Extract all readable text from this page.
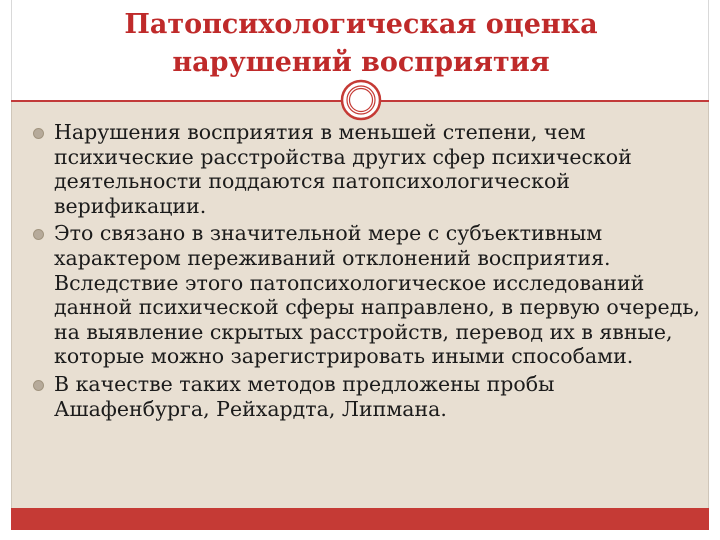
Патопсихологическая оценка
нарушений восприятия
Нарушения восприятия в меньшей степени, чем психические расстройства других сфер психической деятельности поддаются патопсихологической верификации.
Это связано в значительной мере с субъективным характером переживаний отклонений восприятия. Вследствие этого патопсихологическое исследований данной психической сферы направлено, в первую очередь, на выявление скрытых расстройств, перевод их в явные, которые можно зарегистрировать иными способами.
В качестве таких методов предложены пробы Ашафенбурга, Рейхардта, Липмана.
